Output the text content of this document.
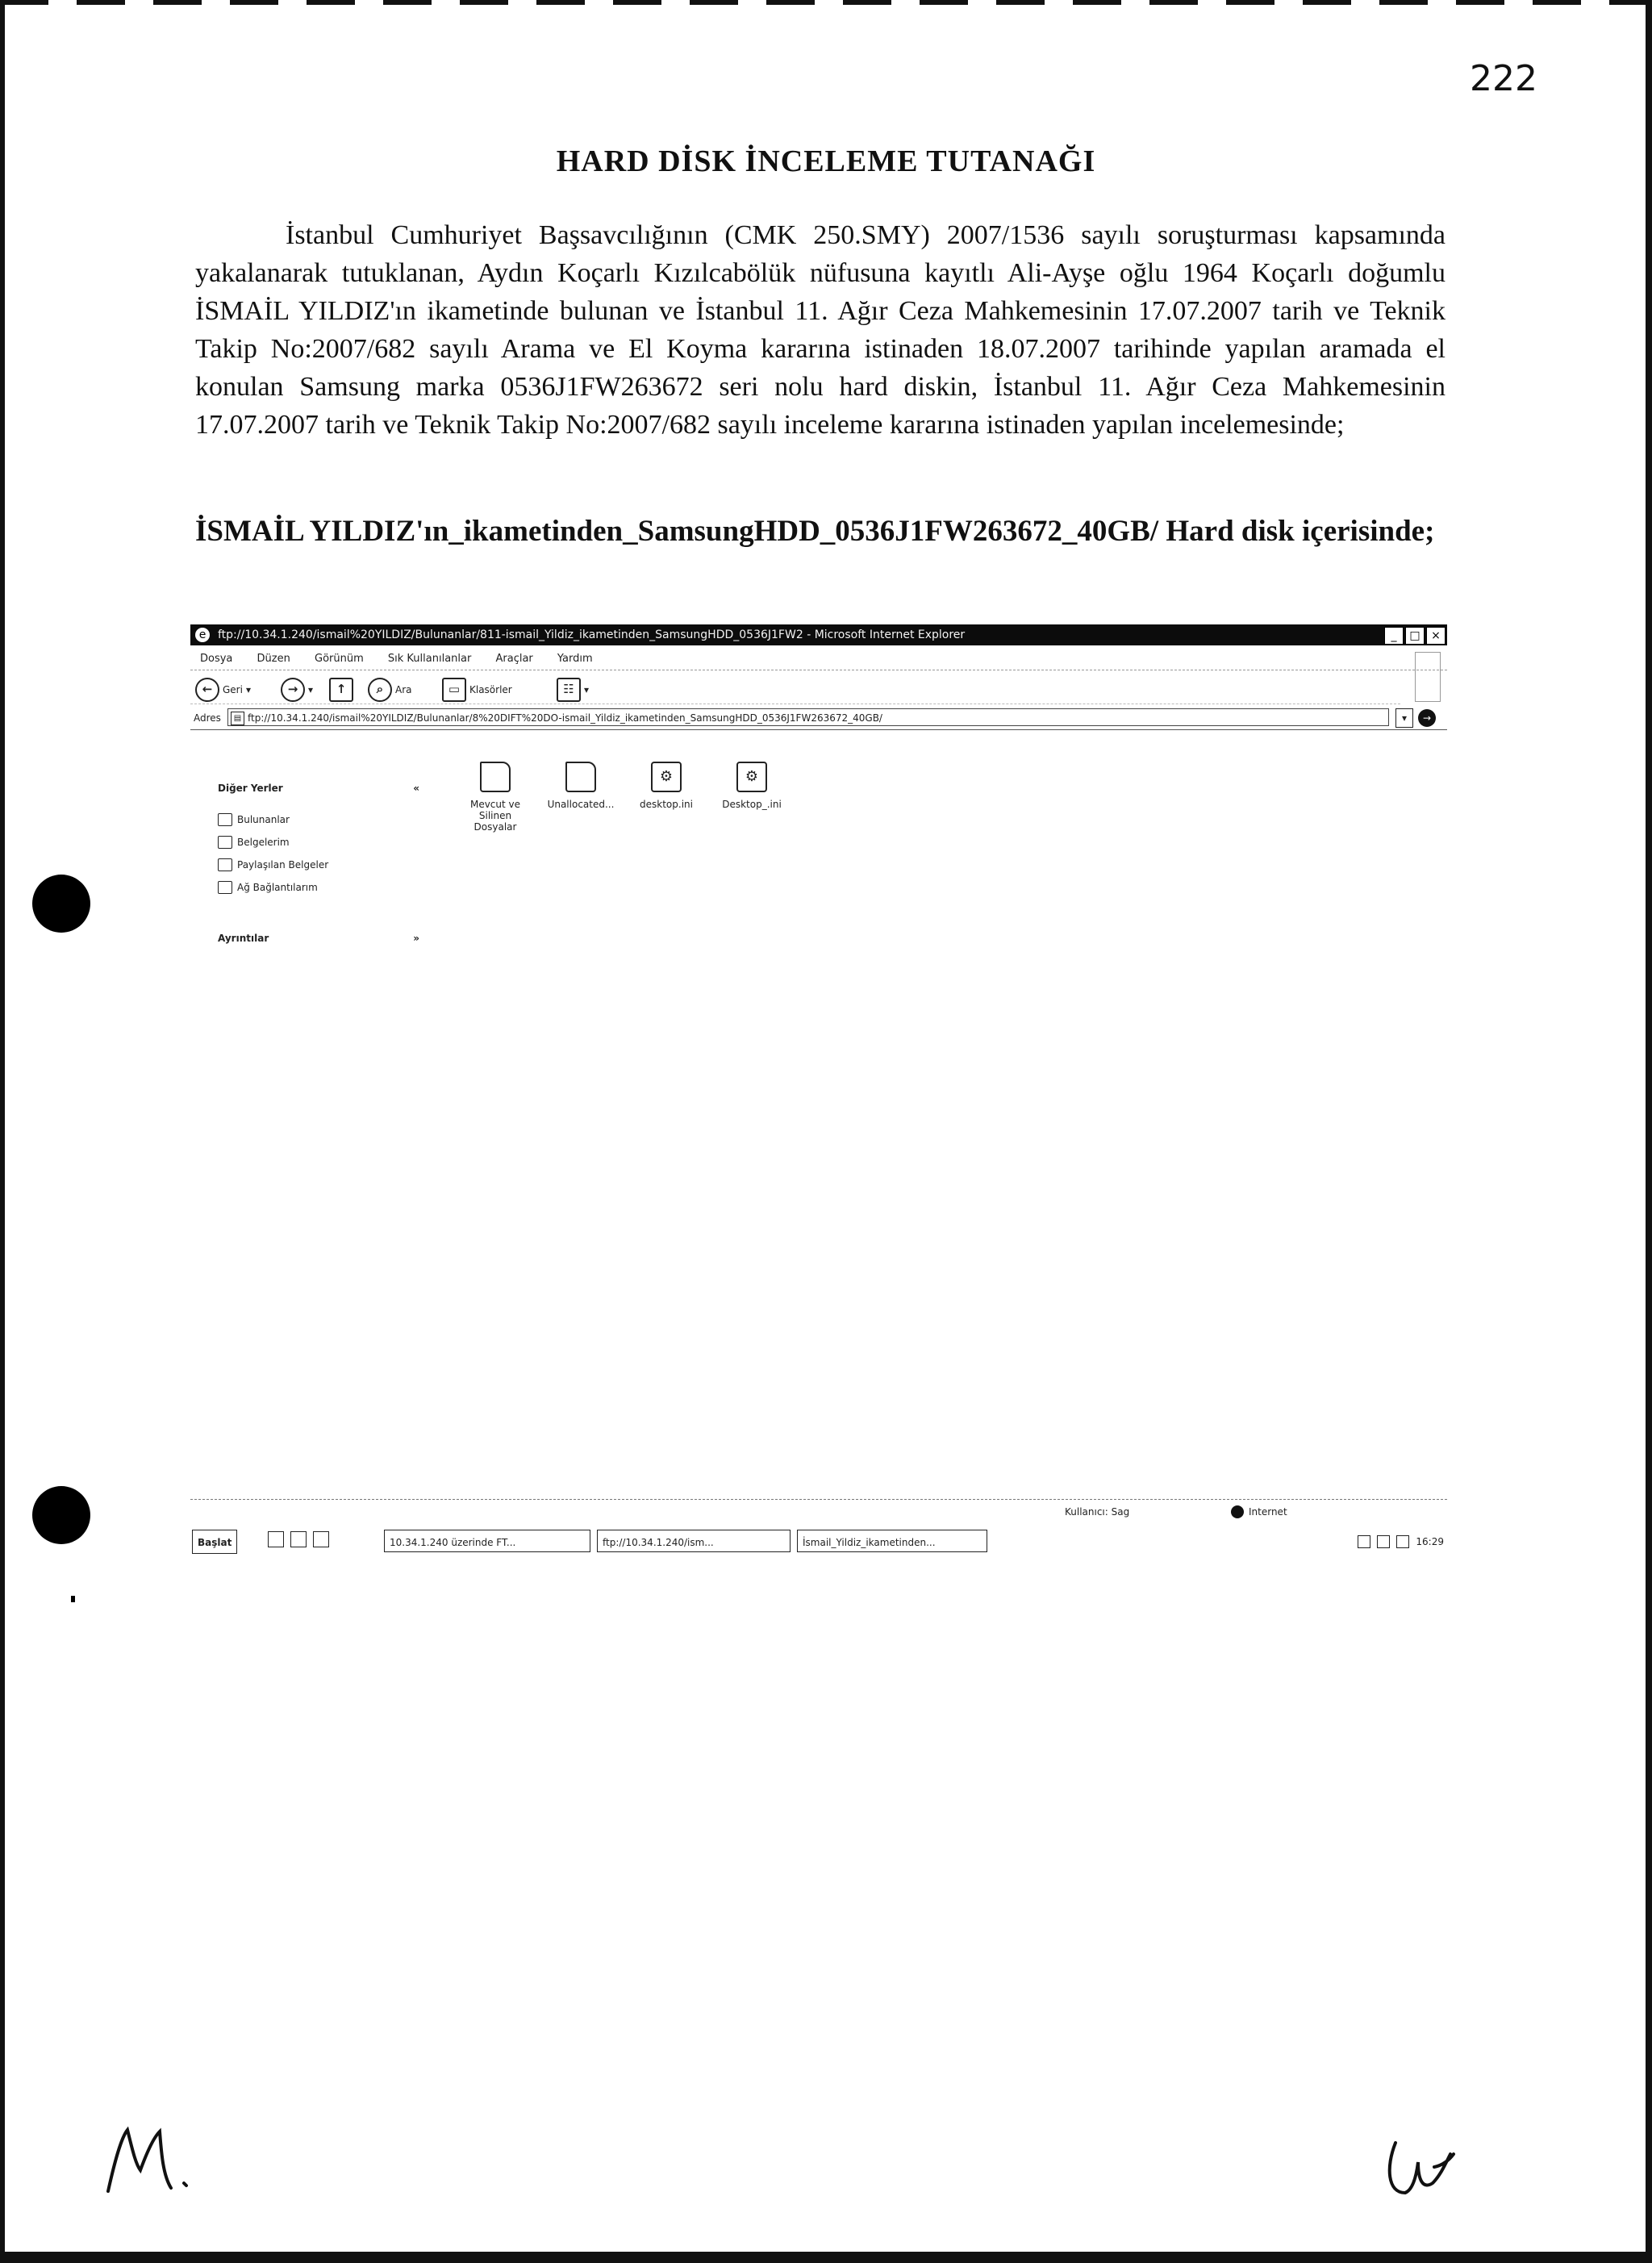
222
HARD DİSK İNCELEME TUTANAĞI

İstanbul Cumhuriyet Başsavcılığının (CMK 250.SMY) 2007/1536 sayılı soruşturması kapsamında yakalanarak tutuklanan, Aydın Koçarlı Kızılcabölük nüfusuna kayıtlı Ali-Ayşe oğlu 1964 Koçarlı doğumlu İSMAİL YILDIZ'ın ikametinde bulunan ve İstanbul 11. Ağır Ceza Mahkemesinin 17.07.2007 tarih ve Teknik Takip No:2007/682 sayılı Arama ve El Koyma kararına istinaden 18.07.2007 tarihinde yapılan aramada el konulan Samsung marka 0536J1FW263672 seri nolu hard diskin, İstanbul 11. Ağır Ceza Mahkemesinin 17.07.2007 tarih ve Teknik Takip No:2007/682 sayılı inceleme kararına istinaden yapılan incelemesinde;

İSMAİL YILDIZ'ın_ikametinden_SamsungHDD_0536J1FW263672_40GB/ Hard disk içerisinde;
e	ftp://10.34.1.240/ismail%20YILDIZ/Bulunanlar/811-ismail_Yildiz_ikametinden_SamsungHDD_0536J1FW2 - Microsoft Internet Explorer	_	□ ×
Dosya Düzen Görünüm Sık Kullanılanlar Araçlar Yardım
←	Geri ▾	→	▾	↑	⌕	Ara	▭ Klasörler	☷	▾
Adres	▤ ftp://10.34.1.240/ismail%20YILDIZ/Bulunanlar/8%20DIFT%20DO-ismail_Yildiz_ikametinden_SamsungHDD_0536J1FW263672_40GB/	▾	→
Diğer Yerler	«
Bulunanlar
Belgelerim
Paylaşılan Belgeler
Ağ Bağlantılarım
Ayrıntılar	»
Mevcut ve Silinen Dosyalar
Unallocated...
⚙
desktop.ini
⚙
Desktop_.ini
Kullanıcı: Sag	Internet
Başlat	10.34.1.240 üzerinde FT...	ftp://10.34.1.240/ism...	İsmail_Yildiz_ikametinden...	16:29
